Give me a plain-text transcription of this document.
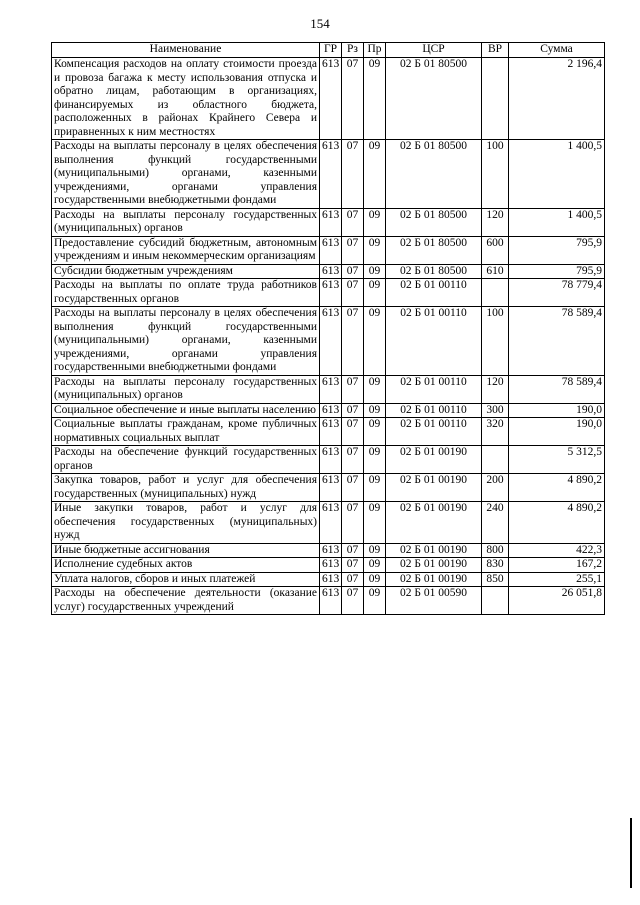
154
Наименование	ГР	Рз	Пр	ЦСР	ВР	Сумма
Компенсация расходов на оплату стоимости проезда и провоза багажа к месту использования отпуска и обратно лицам, работающим в организациях, финансируемых из областного бюджета, расположенных в районах Крайнего Севера и приравненных к ним местностях	613	07	09	02 Б 01 80500		2 196,4
Расходы на выплаты персоналу в целях обеспечения выполнения функций государственными (муниципальными) органами, казенными учреждениями, органами управления государственными внебюджетными фондами	613	07	09	02 Б 01 80500	100	1 400,5
Расходы на выплаты персоналу государственных (муниципальных) органов	613	07	09	02 Б 01 80500	120	1 400,5
Предоставление субсидий бюджетным, автономным учреждениям и иным некоммерческим организациям	613	07	09	02 Б 01 80500	600	795,9
Субсидии бюджетным учреждениям	613	07	09	02 Б 01 80500	610	795,9
Расходы на выплаты по оплате труда работников государственных органов	613	07	09	02 Б 01 00110		78 779,4
Расходы на выплаты персоналу в целях обеспечения выполнения функций государственными (муниципальными) органами, казенными учреждениями, органами управления государственными внебюджетными фондами	613	07	09	02 Б 01 00110	100	78 589,4
Расходы на выплаты персоналу государственных (муниципальных) органов	613	07	09	02 Б 01 00110	120	78 589,4
Социальное обеспечение и иные выплаты населению	613	07	09	02 Б 01 00110	300	190,0
Социальные выплаты гражданам, кроме публичных нормативных социальных выплат	613	07	09	02 Б 01 00110	320	190,0
Расходы на обеспечение функций государственных органов	613	07	09	02 Б 01 00190		5 312,5
Закупка товаров, работ и услуг для обеспечения государственных (муниципальных) нужд	613	07	09	02 Б 01 00190	200	4 890,2
Иные закупки товаров, работ и услуг для обеспечения государственных (муниципальных) нужд	613	07	09	02 Б 01 00190	240	4 890,2
Иные бюджетные ассигнования	613	07	09	02 Б 01 00190	800	422,3
Исполнение судебных актов	613	07	09	02 Б 01 00190	830	167,2
Уплата налогов, сборов и иных платежей	613	07	09	02 Б 01 00190	850	255,1
Расходы на обеспечение деятельности (оказание услуг) государственных учреждений	613	07	09	02 Б 01 00590		26 051,8
